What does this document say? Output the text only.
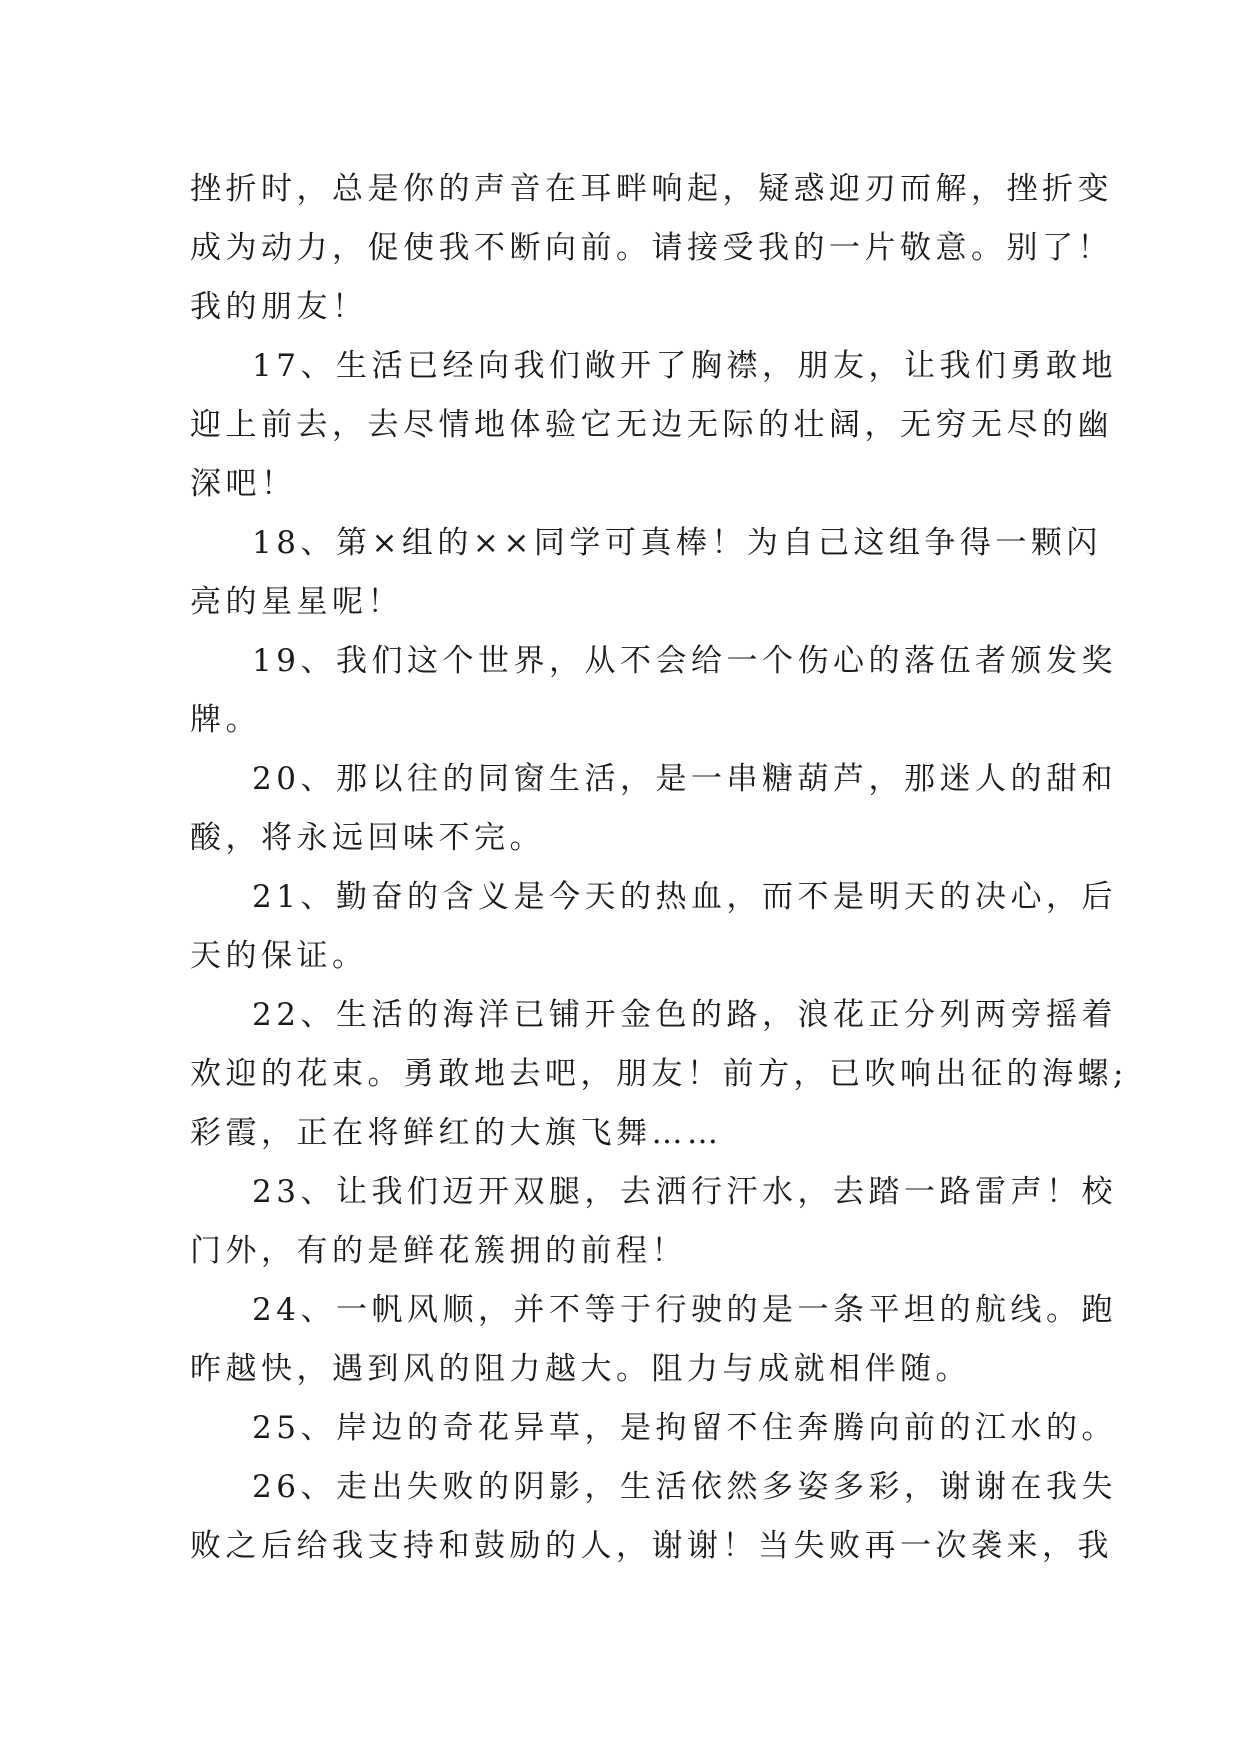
挫折时，总是你的声音在耳畔响起，疑惑迎刃而解，挫折变
成为动力，促使我不断向前。请接受我的一片敬意。别了！
我的朋友！
17、生活已经向我们敞开了胸襟，朋友，让我们勇敢地
迎上前去，去尽情地体验它无边无际的壮阔，无穷无尽的幽
深吧！
18、第×组的××同学可真棒！为自己这组争得一颗闪
亮的星星呢！
19、我们这个世界，从不会给一个伤心的落伍者颁发奖
牌。
20、那以往的同窗生活，是一串糖葫芦，那迷人的甜和
酸，将永远回味不完。
21、勤奋的含义是今天的热血，而不是明天的决心，后
天的保证。
22、生活的海洋已铺开金色的路，浪花正分列两旁摇着
欢迎的花束。勇敢地去吧，朋友！前方，已吹响出征的海螺;
彩霞，正在将鲜红的大旗飞舞……
23、让我们迈开双腿，去洒行汗水，去踏一路雷声！校
门外，有的是鲜花簇拥的前程！
24、一帆风顺，并不等于行驶的是一条平坦的航线。跑
昨越快，遇到风的阻力越大。阻力与成就相伴随。
25、岸边的奇花异草，是拘留不住奔腾向前的江水的。
26、走出失败的阴影，生活依然多姿多彩，谢谢在我失
败之后给我支持和鼓励的人，谢谢！当失败再一次袭来，我
